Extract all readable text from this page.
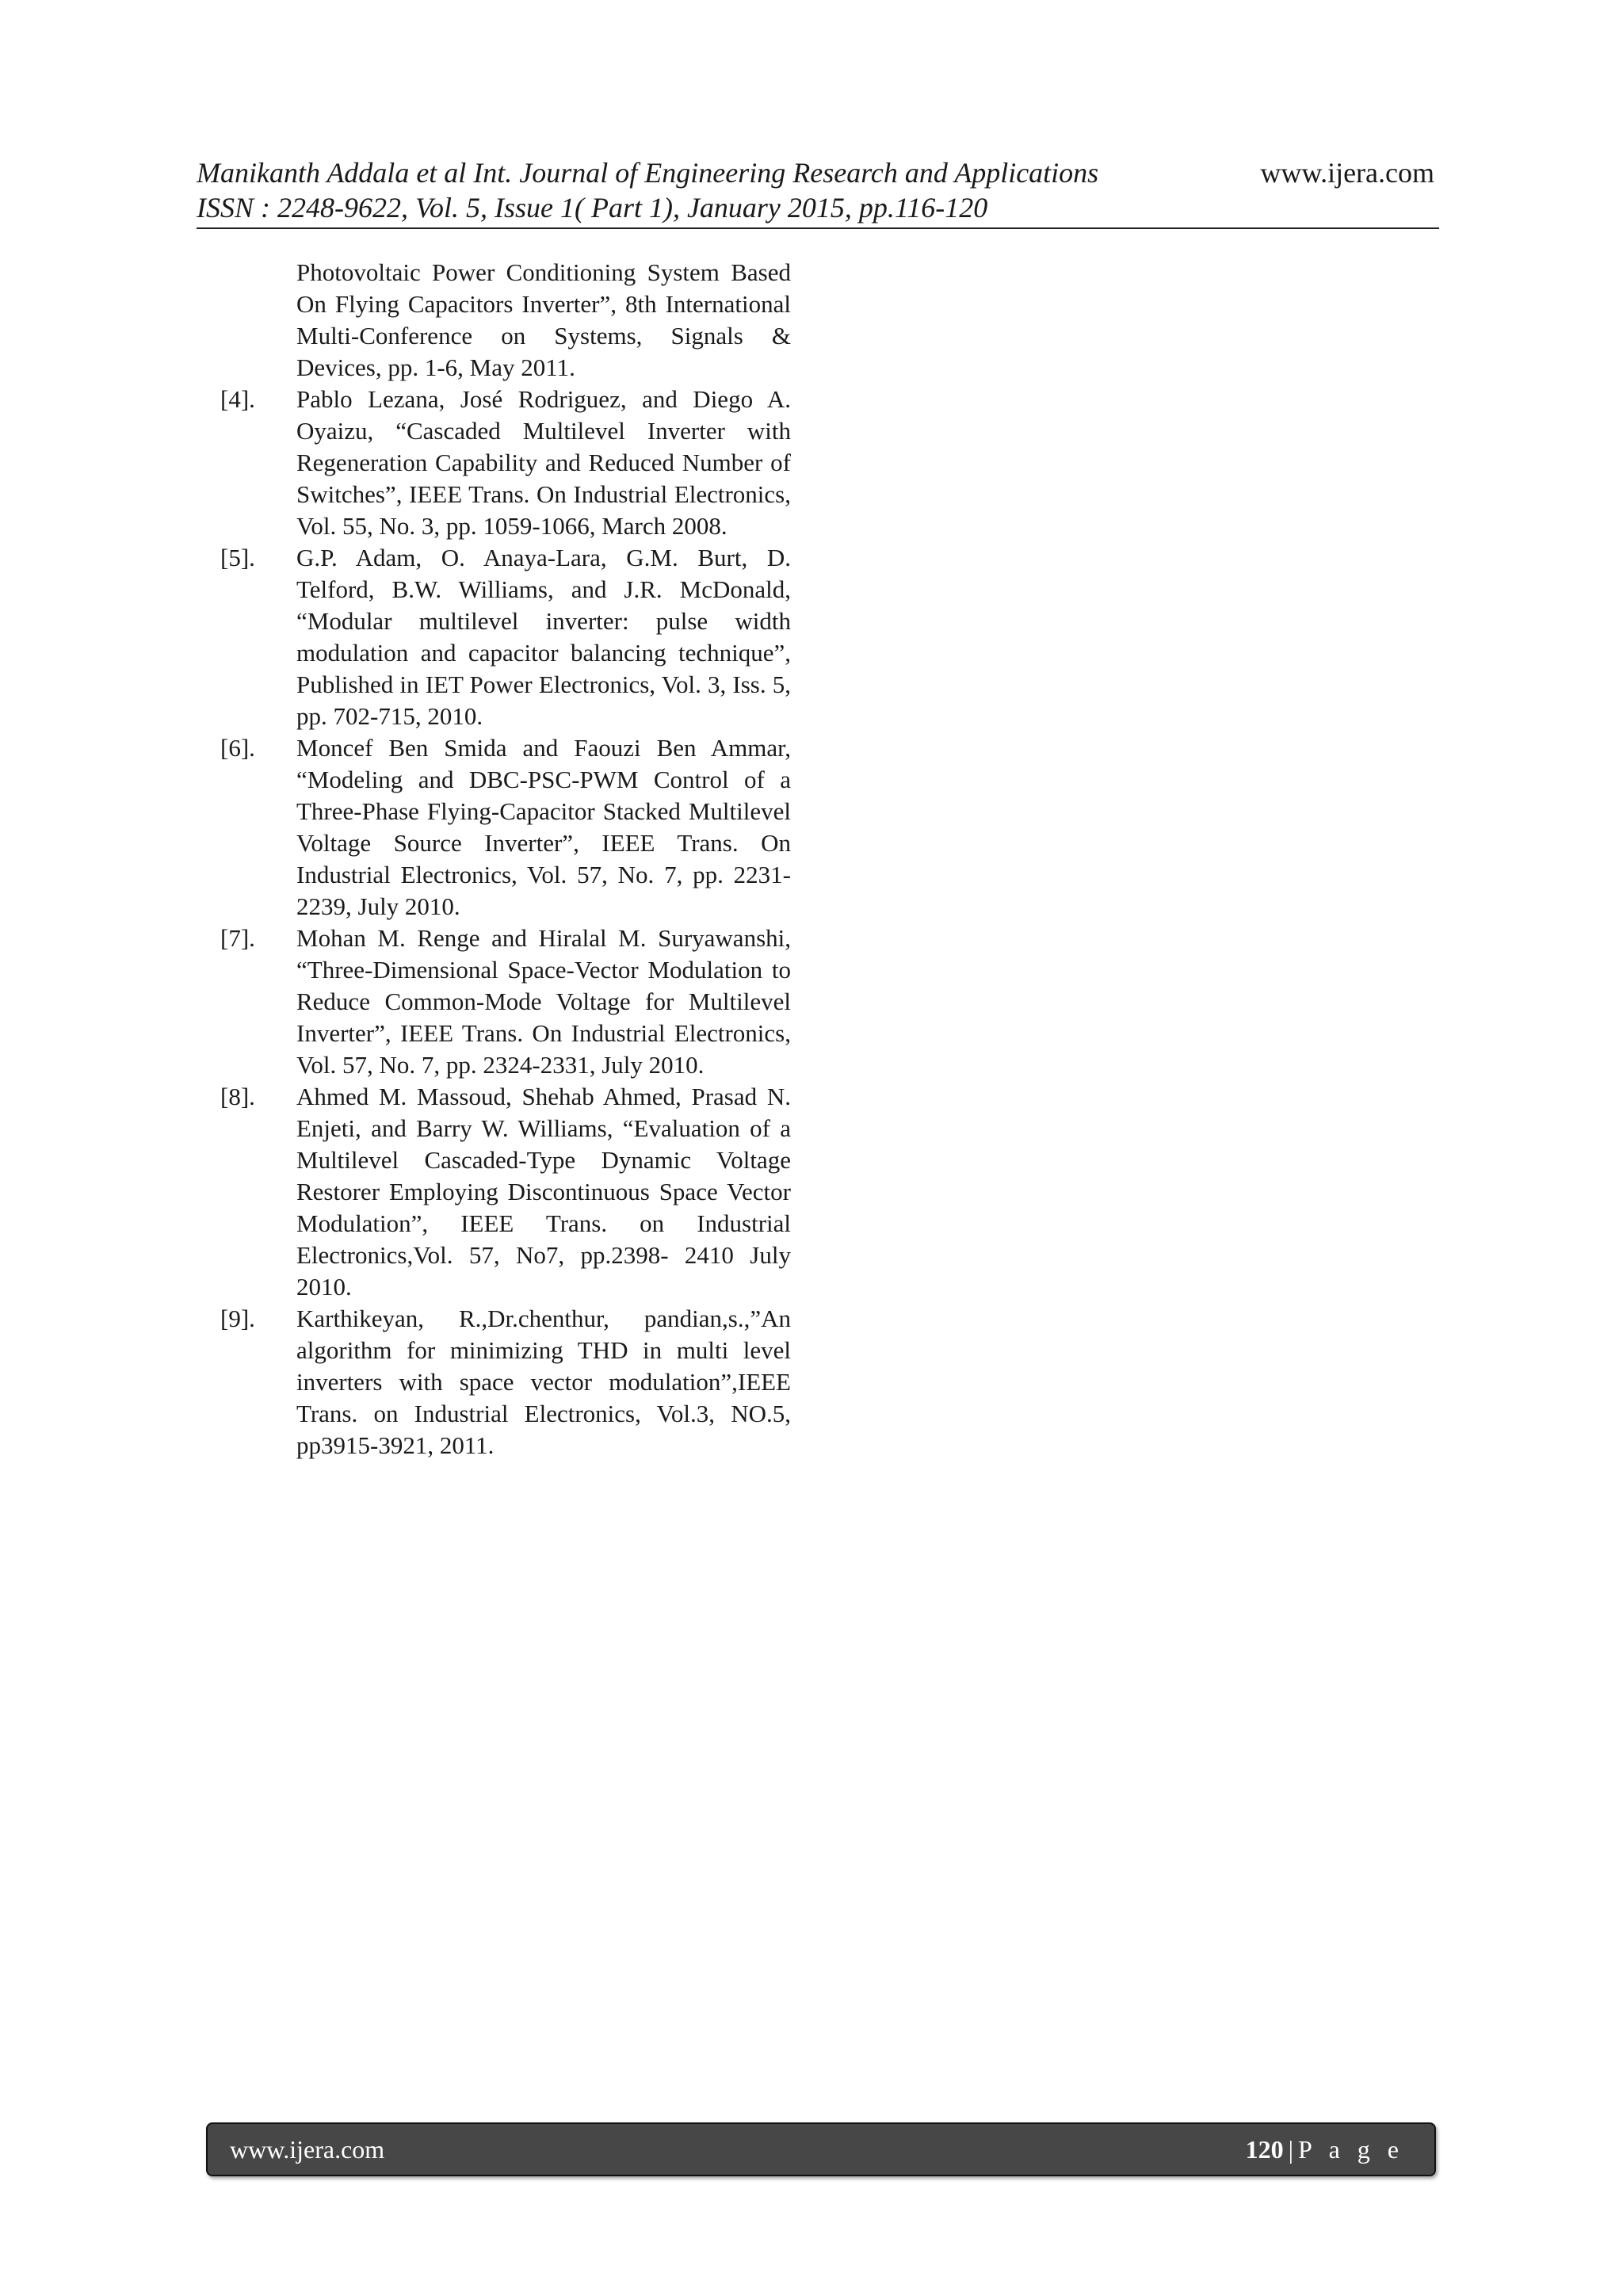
Manikanth Addala et al Int. Journal of Engineering Research and Applications	www.ijera.com
ISSN : 2248-9622, Vol. 5, Issue 1( Part 1), January 2015, pp.116-120
Photovoltaic Power Conditioning System Based On Flying Capacitors Inverter”, 8th International Multi-Conference on Systems, Signals & Devices, pp. 1-6, May 2011.
[4]. Pablo Lezana, José Rodriguez, and Diego A. Oyaizu, “Cascaded Multilevel Inverter with Regeneration Capability and Reduced Number of Switches”, IEEE Trans. On Industrial Electronics, Vol. 55, No. 3, pp. 1059-1066, March 2008.
[5]. G.P. Adam, O. Anaya-Lara, G.M. Burt, D. Telford, B.W. Williams, and J.R. McDonald, “Modular multilevel inverter: pulse width modulation and capacitor balancing technique”, Published in IET Power Electronics, Vol. 3, Iss. 5, pp. 702-715, 2010.
[6]. Moncef Ben Smida and Faouzi Ben Ammar, “Modeling and DBC-PSC-PWM Control of a Three-Phase Flying-Capacitor Stacked Multilevel Voltage Source Inverter”, IEEE Trans. On Industrial Electronics, Vol. 57, No. 7, pp. 2231-2239, July 2010.
[7]. Mohan M. Renge and Hiralal M. Suryawanshi, “Three-Dimensional Space-Vector Modulation to Reduce Common-Mode Voltage for Multilevel Inverter”, IEEE Trans. On Industrial Electronics, Vol. 57, No. 7, pp. 2324-2331, July 2010.
[8]. Ahmed M. Massoud, Shehab Ahmed, Prasad N. Enjeti, and Barry W. Williams, “Evaluation of a Multilevel Cascaded-Type Dynamic Voltage Restorer Employing Discontinuous Space Vector Modulation”, IEEE Trans. on Industrial Electronics,Vol. 57, No7, pp.2398- 2410 July 2010.
[9]. Karthikeyan, R.,Dr.chenthur, pandian,s.,”An algorithm for minimizing THD in multi level inverters with space vector modulation”,IEEE Trans. on Industrial Electronics, Vol.3, NO.5, pp3915-3921, 2011.
www.ijera.com	120 | P a g e
